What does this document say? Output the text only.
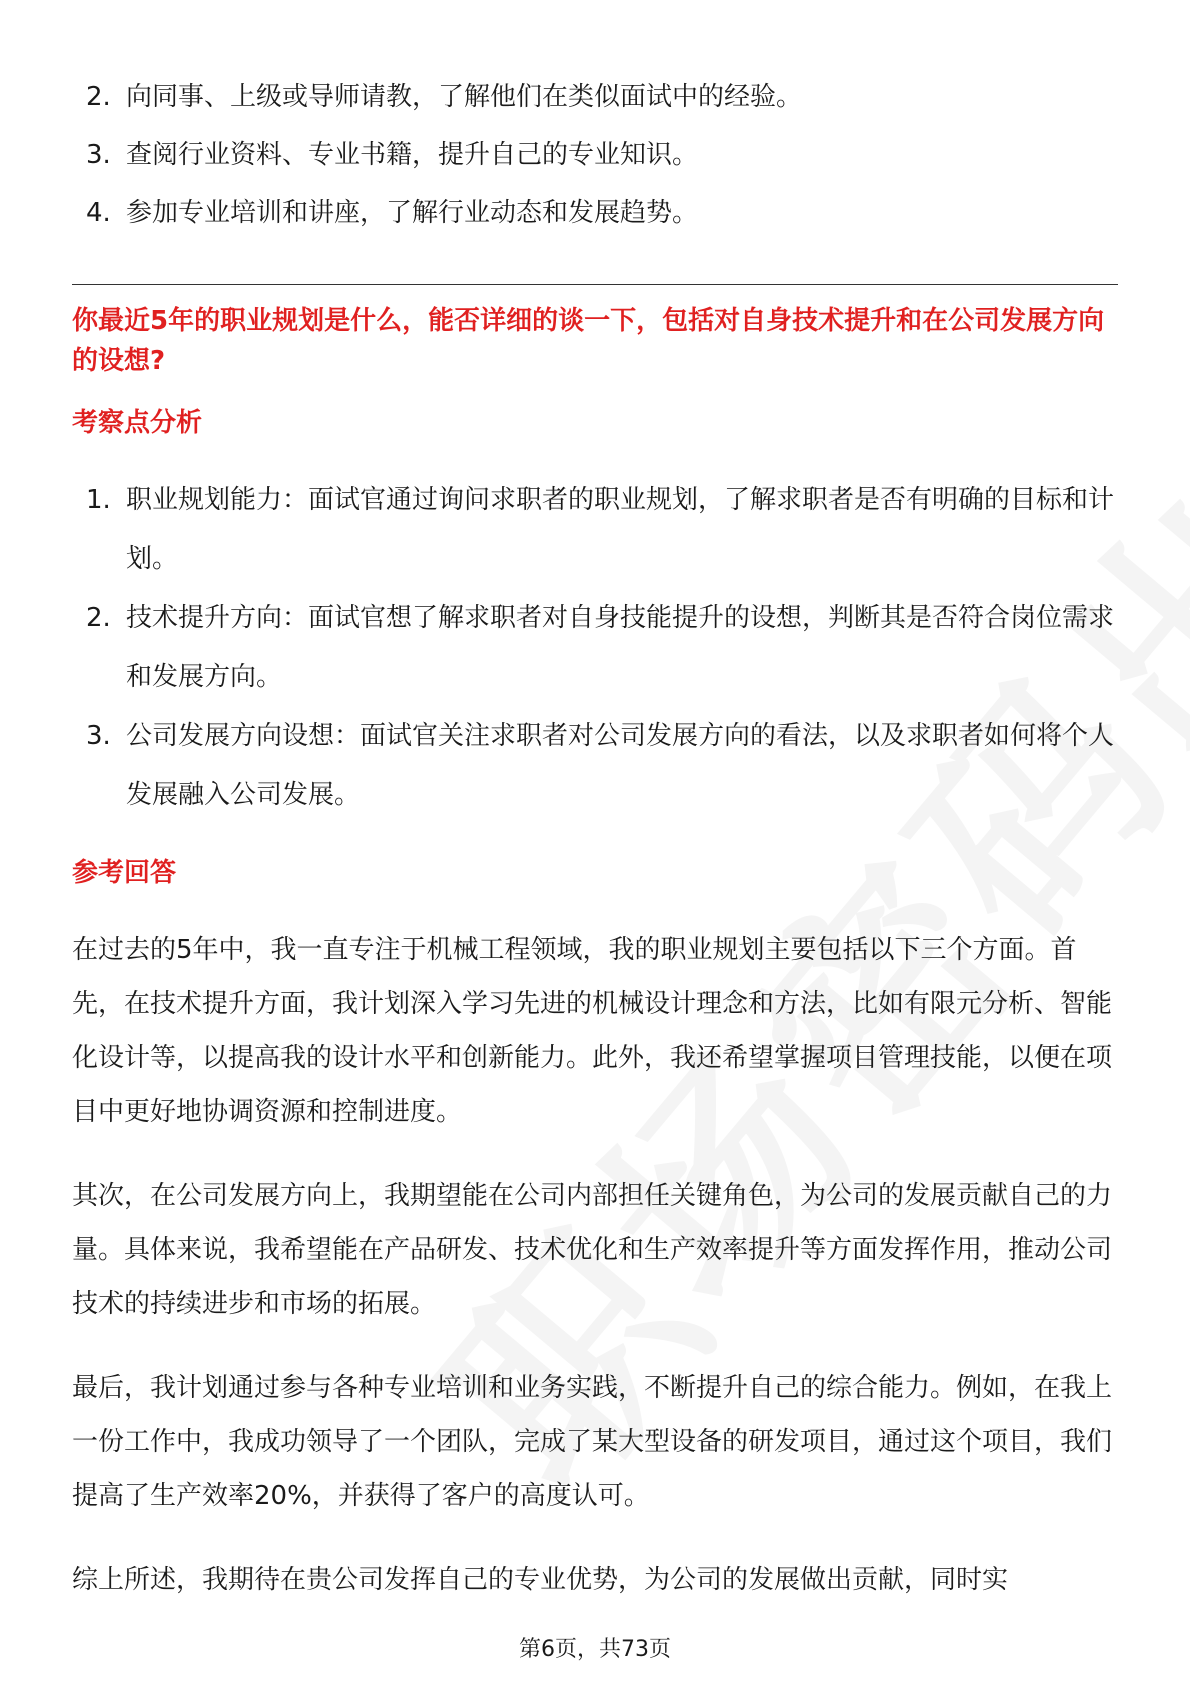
2. 向同事、上级或导师请教，了解他们在类似面试中的经验。
3. 查阅行业资料、专业书籍，提升自己的专业知识。
4. 参加专业培训和讲座，了解行业动态和发展趋势。

你最近5年的职业规划是什么，能否详细的谈一下，包括对自身技术提升和在公司发展方向的设想?

考察点分析

1. 职业规划能力：面试官通过询问求职者的职业规划，了解求职者是否有明确的目标和计划。
2. 技术提升方向：面试官想了解求职者对自身技能提升的设想，判断其是否符合岗位需求和发展方向。
3. 公司发展方向设想：面试官关注求职者对公司发展方向的看法，以及求职者如何将个人发展融入公司发展。

参考回答

在过去的5年中，我一直专注于机械工程领域，我的职业规划主要包括以下三个方面。首先，在技术提升方面，我计划深入学习先进的机械设计理念和方法，比如有限元分析、智能化设计等，以提高我的设计水平和创新能力。此外，我还希望掌握项目管理技能，以便在项目中更好地协调资源和控制进度。

其次，在公司发展方向上，我期望能在公司内部担任关键角色，为公司的发展贡献自己的力量。具体来说，我希望能在产品研发、技术优化和生产效率提升等方面发挥作用，推动公司技术的持续进步和市场的拓展。

最后，我计划通过参与各种专业培训和业务实践，不断提升自己的综合能力。例如，在我上一份工作中，我成功领导了一个团队，完成了某大型设备的研发项目，通过这个项目，我们提高了生产效率20%，并获得了客户的高度认可。

综上所述，我期待在贵公司发挥自己的专业优势，为公司的发展做出贡献，同时实

第6页，共73页
